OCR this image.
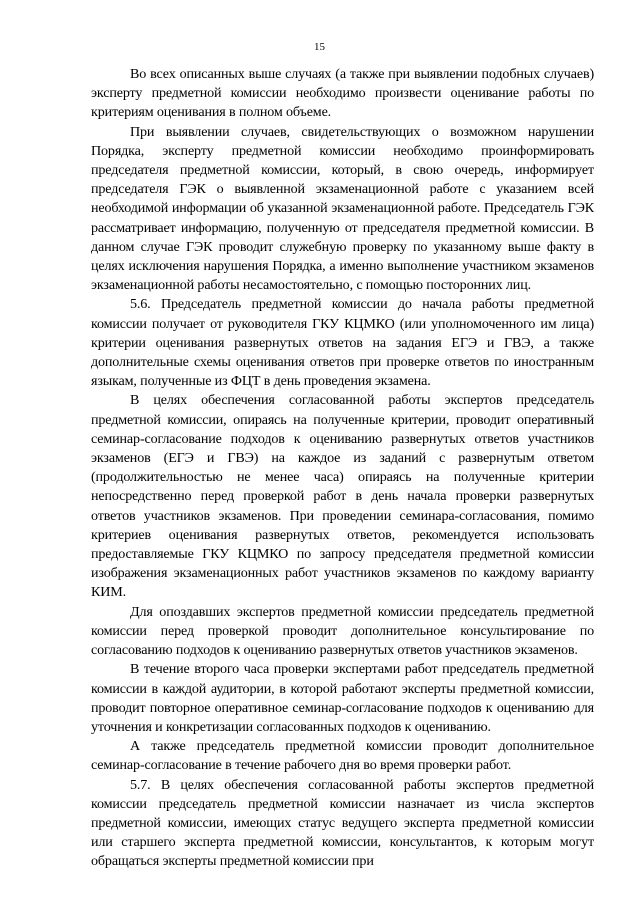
15

Во всех описанных выше случаях (а также при выявлении подобных случаев) эксперту предметной комиссии необходимо произвести оценивание работы по критериям оценивания в полном объеме.

При выявлении случаев, свидетельствующих о возможном нарушении Порядка, эксперту предметной комиссии необходимо проинформировать председателя предметной комиссии, который, в свою очередь, информирует председателя ГЭК о выявленной экзаменационной работе с указанием всей необходимой информации об указанной экзаменационной работе. Председатель ГЭК рассматривает информацию, полученную от председателя предметной комиссии. В данном случае ГЭК проводит служебную проверку по указанному выше факту в целях исключения нарушения Порядка, а именно выполнение участником экзаменов экзаменационной работы несамостоятельно, с помощью посторонних лиц.

5.6. Председатель предметной комиссии до начала работы предметной комиссии получает от руководителя ГКУ КЦМКО (или уполномоченного им лица) критерии оценивания развернутых ответов на задания ЕГЭ и ГВЭ, а также дополнительные схемы оценивания ответов при проверке ответов по иностранным языкам, полученные из ФЦТ в день проведения экзамена.

В целях обеспечения согласованной работы экспертов председатель предметной комиссии, опираясь на полученные критерии, проводит оперативный семинар-согласование подходов к оцениванию развернутых ответов участников экзаменов (ЕГЭ и ГВЭ) на каждое из заданий с развернутым ответом (продолжительностью не менее часа) опираясь на полученные критерии непосредственно перед проверкой работ в день начала проверки развернутых ответов участников экзаменов. При проведении семинара-согласования, помимо критериев оценивания развернутых ответов, рекомендуется использовать предоставляемые ГКУ КЦМКО по запросу председателя предметной комиссии изображения экзаменационных работ участников экзаменов по каждому варианту КИМ.

Для опоздавших экспертов предметной комиссии председатель предметной комиссии перед проверкой проводит дополнительное консультирование по согласованию подходов к оцениванию развернутых ответов участников экзаменов.

В течение второго часа проверки экспертами работ председатель предметной комиссии в каждой аудитории, в которой работают эксперты предметной комиссии, проводит повторное оперативное семинар-согласование подходов к оцениванию для уточнения и конкретизации согласованных подходов к оцениванию.

А также председатель предметной комиссии проводит дополнительное семинар-согласование в течение рабочего дня во время проверки работ.

5.7. В целях обеспечения согласованной работы экспертов предметной комиссии председатель предметной комиссии назначает из числа экспертов предметной комиссии, имеющих статус ведущего эксперта предметной комиссии или старшего эксперта предметной комиссии, консультантов, к которым могут обращаться эксперты предметной комиссии при
